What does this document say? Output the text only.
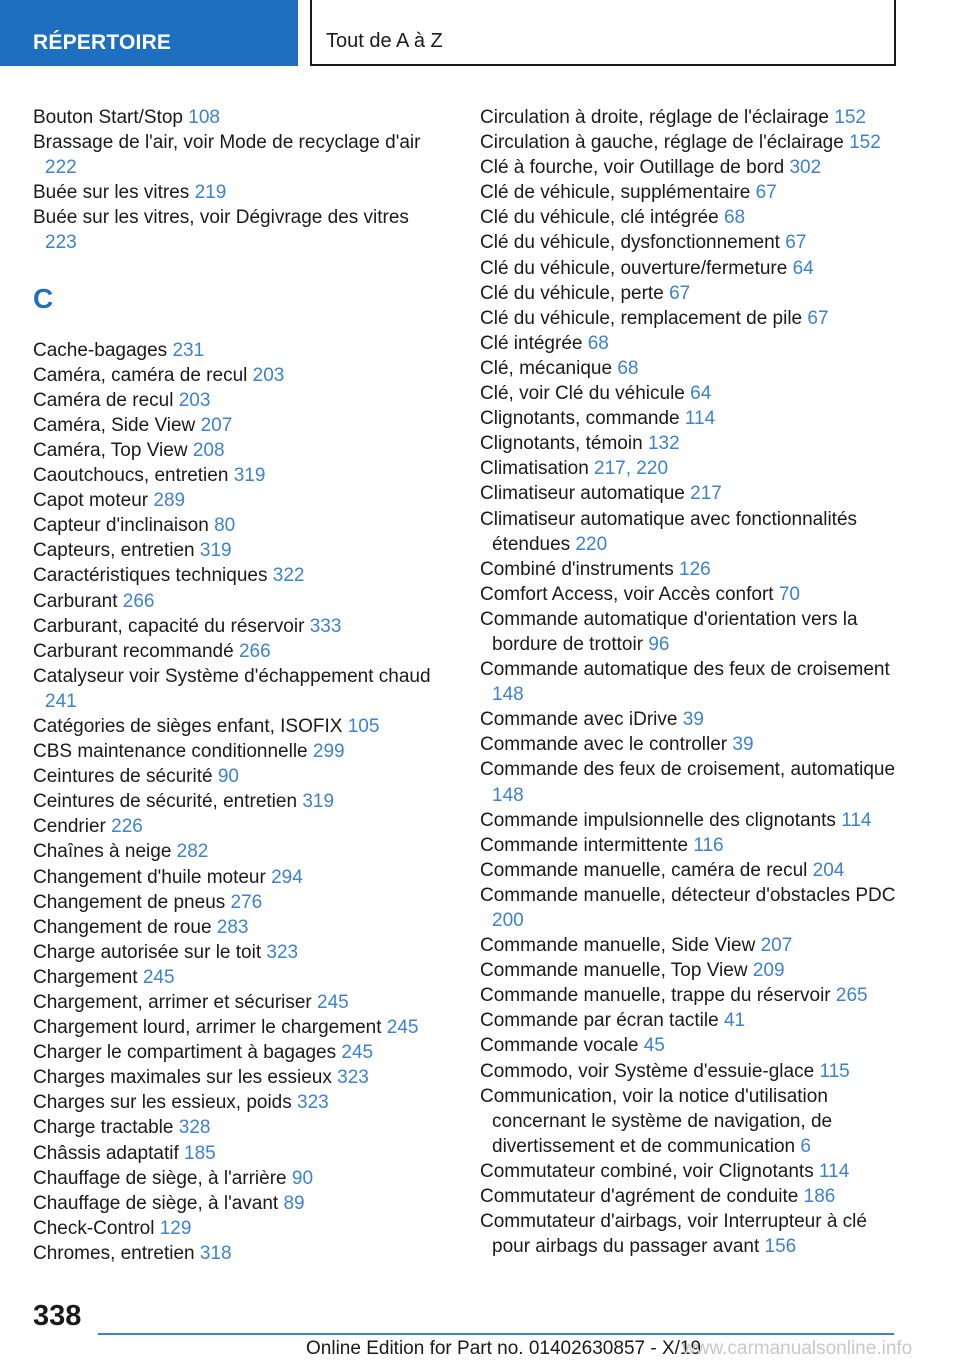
RÉPERTOIRE	Tout de A à Z
Bouton Start/Stop 108
Brassage de l'air, voir Mode de recyclage d'air 222
Buée sur les vitres 219
Buée sur les vitres, voir Dégivrage des vitres 223
C
Cache-bagages 231
Caméra, caméra de recul 203
Caméra de recul 203
Caméra, Side View 207
Caméra, Top View 208
Caoutchoucs, entretien 319
Capot moteur 289
Capteur d'inclinaison 80
Capteurs, entretien 319
Caractéristiques techniques 322
Carburant 266
Carburant, capacité du réservoir 333
Carburant recommandé 266
Catalyseur voir Système d'échappement chaud 241
Catégories de sièges enfant, ISOFIX 105
CBS maintenance conditionnelle 299
Ceintures de sécurité 90
Ceintures de sécurité, entretien 319
Cendrier 226
Chaînes à neige 282
Changement d'huile moteur 294
Changement de pneus 276
Changement de roue 283
Charge autorisée sur le toit 323
Chargement 245
Chargement, arrimer et sécuriser 245
Chargement lourd, arrimer le chargement 245
Charger le compartiment à bagages 245
Charges maximales sur les essieux 323
Charges sur les essieux, poids 323
Charge tractable 328
Châssis adaptatif 185
Chauffage de siège, à l'arrière 90
Chauffage de siège, à l'avant 89
Check-Control 129
Chromes, entretien 318
Circulation à droite, réglage de l'éclairage 152
Circulation à gauche, réglage de l'éclairage 152
Clé à fourche, voir Outillage de bord 302
Clé de véhicule, supplémentaire 67
Clé du véhicule, clé intégrée 68
Clé du véhicule, dysfonctionnement 67
Clé du véhicule, ouverture/fermeture 64
Clé du véhicule, perte 67
Clé du véhicule, remplacement de pile 67
Clé intégrée 68
Clé, mécanique 68
Clé, voir Clé du véhicule 64
Clignotants, commande 114
Clignotants, témoin 132
Climatisation 217, 220
Climatiseur automatique 217
Climatiseur automatique avec fonctionnalités étendues 220
Combiné d'instruments 126
Comfort Access, voir Accès confort 70
Commande automatique d'orientation vers la bordure de trottoir 96
Commande automatique des feux de croisement 148
Commande avec iDrive 39
Commande avec le controller 39
Commande des feux de croisement, automatique 148
Commande impulsionnelle des clignotants 114
Commande intermittente 116
Commande manuelle, caméra de recul 204
Commande manuelle, détecteur d'obstacles PDC 200
Commande manuelle, Side View 207
Commande manuelle, Top View 209
Commande manuelle, trappe du réservoir 265
Commande par écran tactile 41
Commande vocale 45
Commodo, voir Système d'essuie-glace 115
Communication, voir la notice d'utilisation concernant le système de navigation, de divertissement et de communication 6
Commutateur combiné, voir Clignotants 114
Commutateur d'agrément de conduite 186
Commutateur d'airbags, voir Interrupteur à clé pour airbags du passager avant 156
338
Online Edition for Part no. 01402630857 - X/19
www.carmanualsonline.info
